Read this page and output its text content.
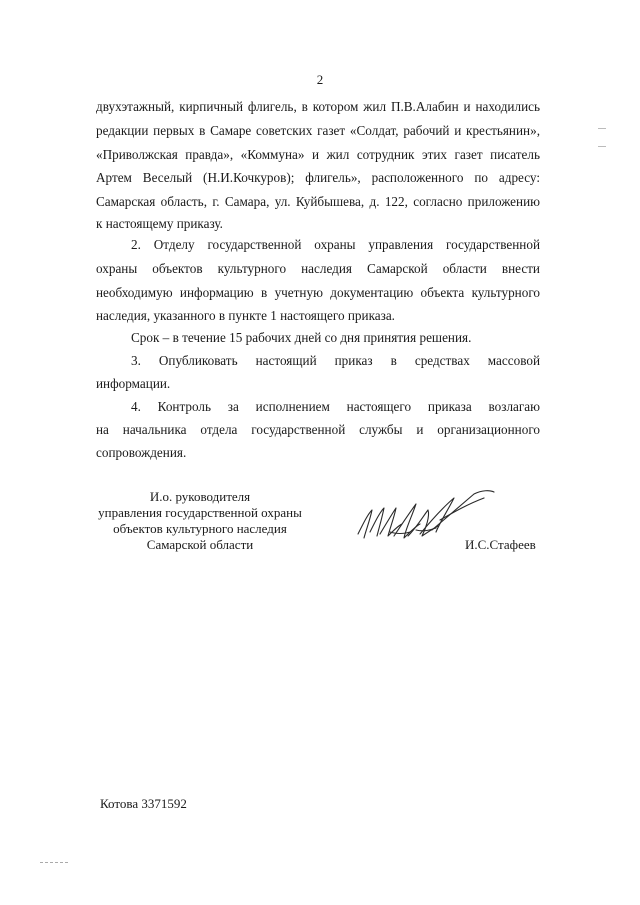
2
двухэтажный, кирпичный флигель, в котором жил П.В.Алабин и находились
редакции первых в Самаре советских газет «Солдат, рабочий и крестьянин»,
«Приволжская правда», «Коммуна» и жил сотрудник этих газет писатель
Артем Веселый (Н.И.Кочкуров); флигель», расположенного по адресу:
Самарская область, г. Самара, ул. Куйбышева, д. 122, согласно приложению
к настоящему приказу.
2. Отделу государственной охраны управления государственной
охраны объектов культурного наследия Самарской области внести
необходимую информацию в учетную документацию объекта культурного
наследия, указанного в пункте 1 настоящего приказа.
Срок – в течение 15 рабочих дней со дня принятия решения.
3. Опубликовать настоящий приказ в средствах массовой
информации.
4. Контроль за исполнением настоящего приказа возлагаю
на начальника отдела государственной службы и организационного
сопровождения.
И.о. руководителя
управления государственной охраны
объектов культурного наследия
Самарской области	И.С.Стафеев
Котова 3371592
